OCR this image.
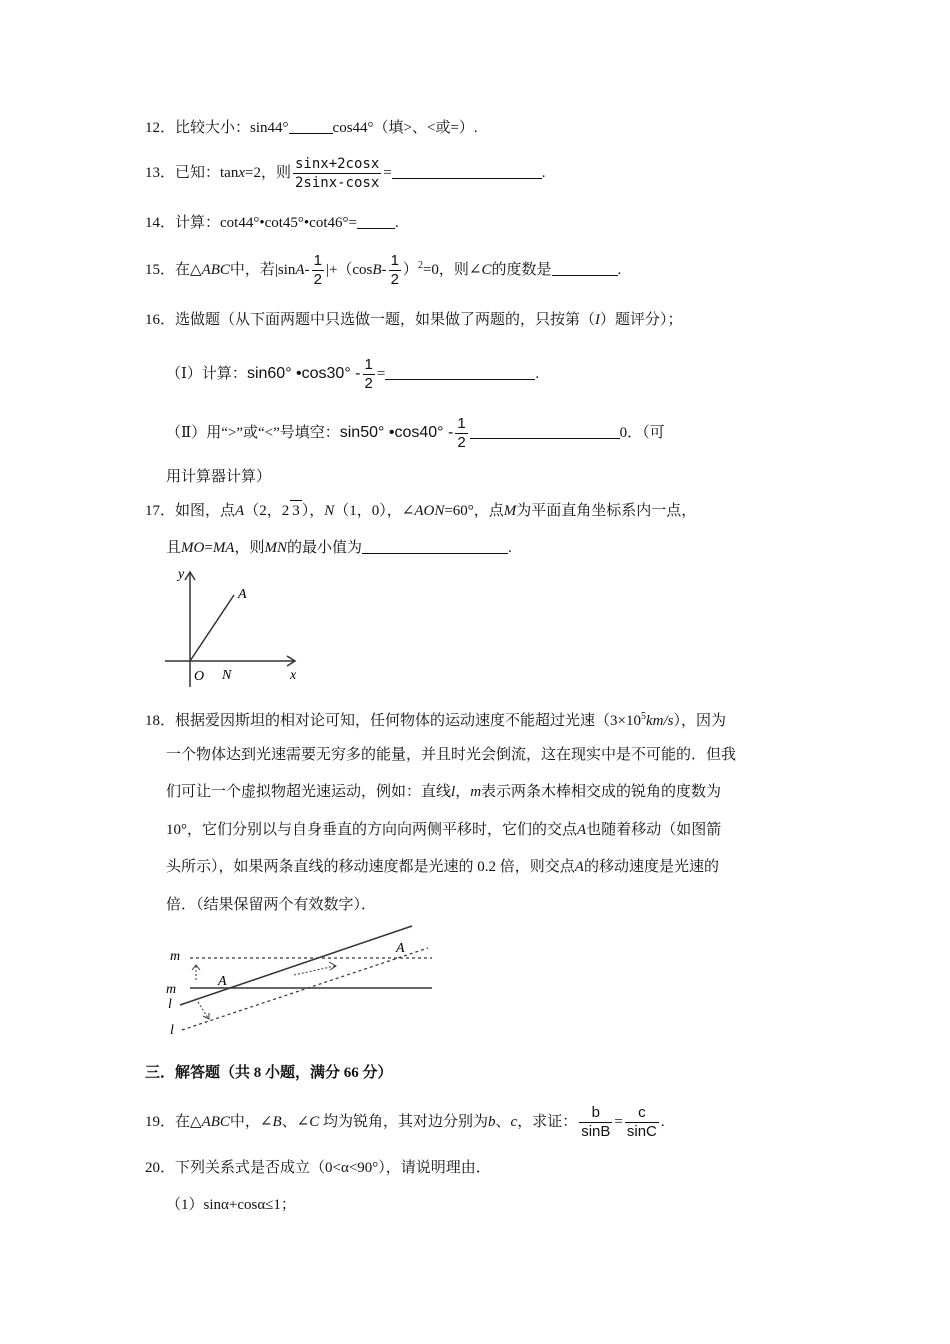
12．比较大小：sin44°	cos44°（填>、<或=）.
13．已知：tanx=2，则 $\frac{\sin x+2\cos x}{2\sin x-\cos x}$ =	.
14．计算：cot44°•cot45°•cot46°=	.
15．在△ABC中，若$|\sin A- \frac{1}{2} |+(\cos B- \frac{1}{2} )^2=0$，则∠C的度数是	.
16．选做题（从下面两题中只选做一题，如果做了两题的，只按第（I）题评分）；
（Ⅰ）计算：sin60° •cos30° - $\frac{1}{2}$ =	.
（Ⅱ）用“>”或“<”号填空：sin50° •cos40° - $\frac{1}{2}$	0．（可
用计算器计算）
17．如图，点A（2，2 3 ），N（1，0），∠AON=60°，点M为平面直角坐标系内一点，
且MO=MA，则MN的最小值为	.
y
A
O N	x
18．根据爱因斯坦的相对论可知，任何物体的运动速度不能超过光速$(3\times 10^5km/s)$，因为
一个物体达到光速需要无穷多的能量，并且时光会倒流，这在现实中是不可能的．但我
们可让一个虚拟物超光速运动，例如：直线l，m表示两条木棒相交成的锐角的度数为
10°，它们分别以与自身垂直的方向向两侧平移时，它们的交点A也随着移动（如图箭
头所示），如果两条直线的移动速度都是光速的 0.2 倍，则交点A的移动速度是光速的
倍．（结果保留两个有效数字）．
m
A
A
m
l
l
三．解答题（共 8 小题，满分 66 分）
19．在△ABC中，∠B、∠C 均为锐角，其对边分别为b、c，求证： $\frac{b}{\sin B} = \frac{c}{\sin C}$ .
20．下列关系式是否成立（0<α<90°），请说明理由．
（1）sinα+cosα≤1；
